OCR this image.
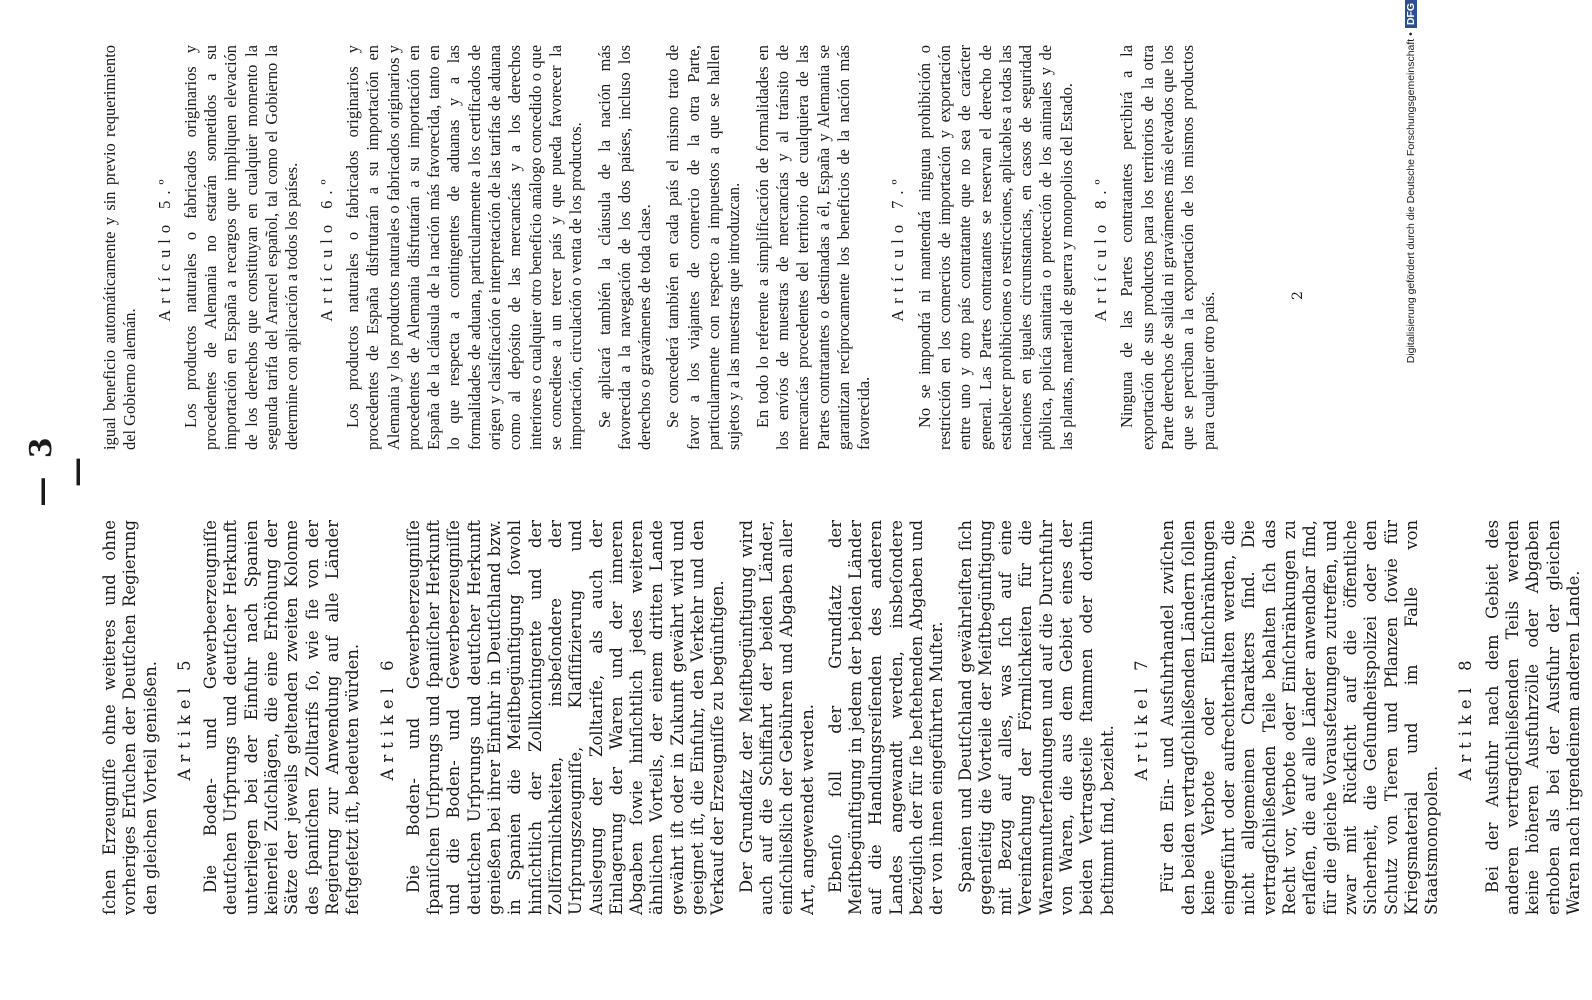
— 3 —

ſchen Erzeugniſſe ohne weiteres und ohne vorheriges Erſuchen der Deutſchen Regierung den gleichen Vorteil genießen. Artikel 5 Die Boden- und Gewerbeerzeugniſſe deutſchen Urſprungs und deutſcher Herkunft unterliegen bei der Einfuhr nach Spanien keinerlei Zuſchlägen, die eine Erhöhung der Sätze der jeweils geltenden zweiten Kolonne des ſpaniſchen Zolltarifs ſo, wie ſie von der Regierung zur Anwendung auf alle Länder feſtgeſetzt iſt, bedeuten würden. Artikel 6 Die Boden- und Gewerbeerzeugniſſe ſpaniſchen Urſprungs und ſpaniſcher Herkunft und die Boden- und Gewerbeerzeugniſſe deutſchen Urſprungs und deutſcher Herkunft genießen bei ihrer Einfuhr in Deutſchland bzw. in Spanien die Meiſtbegünſtigung ſowohl hinſichtlich der Zollkontingente und der Zollförmlichkeiten, insbeſondere der Urſprungszeugniſſe, Klaſſifizierung und Auslegung der Zolltarife, als auch der Einlagerung der Waren und der inneren Abgaben ſowie hinſichtlich jedes weiteren ähnlichen Vorteils, der einem dritten Lande gewährt iſt oder in Zukunft gewährt wird und geeignet iſt, die Einfuhr, den Verkehr und den Verkauf der Erzeugniſſe zu begünſtigen. Der Grundſatz der Meiſtbegünſtigung wird auch auf die Schiffahrt der beiden Länder, einſchließlich der Gebühren und Abgaben aller Art, angewendet werden. Ebenſo ſoll der Grundſatz der Meiſtbegünſtigung in jedem der beiden Länder auf die Handlungsreiſenden des anderen Landes angewandt werden, insbeſondere bezüglich der für ſie beſtehenden Abgaben und der von ihnen eingeführten Muſter. Spanien und Deutſchland gewährleiſten ſich gegenſeitig die Vorteile der Meiſtbegünſtigung mit Bezug auf alles, was ſich auf eine Vereinfachung der Förmlichkeiten für die Warenmuſterſendungen und auf die Durchfuhr von Waren, die aus dem Gebiet eines der beiden Vertragsteile ſtammen oder dorthin beſtimmt ſind, bezieht.

Artikel 7 Für den Ein- und Ausfuhrhandel zwiſchen den beiden vertragſchließenden Ländern ſollen keine Verbote oder Einſchränkungen eingeführt oder aufrechterhalten werden, die nicht allgemeinen Charakters ſind. Die vertragſchließenden Teile behalten ſich das Recht vor, Verbote oder Einſchränkungen zu erlaſſen, die auf alle Länder anwendbar ſind, für die gleiche Vorausſetzungen zutreffen, und zwar mit Rückſicht auf die öffentliche Sicherheit, die Geſundheitspolizei oder den Schutz von Tieren und Pflanzen ſowie für Kriegsmaterial und im Falle von Staatsmonopolen.

Artikel 8 Bei der Ausfuhr nach dem Gebiet des anderen vertragſchließenden Teils werden keine höheren Ausfuhrzölle oder Abgaben erhoben als bei der Ausfuhr der gleichen Waren nach irgendeinem anderen Lande.

igual beneficio automáticamente y sin previo requerimiento del Gobierno alemán.

Artículo 5.º Los productos naturales o fabricados originarios y procedentes de Alemania no estarán sometidos a su importación en España a recargos que impliquen elevación de los derechos que constituyan en cualquier momento la segunda tarifa del Arancel español, tal como el Gobierno la determine con aplicación a todos los países. Artículo 6.º Los productos naturales o fabricados originarios y procedentes de España disfrutarán a su importación en Alemania y los productos naturales o fabricados originarios y procedentes de Alemania disfrutarán a su importación en España de la cláusula de la nación más favorecida, tanto en lo que respecta a contingentes de aduanas y a las formalidades de aduana, particularmente a los certificados de origen y clasificación e interpretación de las tarifas de aduana como al depósito de las mercancías y a los derechos interiores o cualquier otro beneficio análogo concedido o que se concediese a un tercer país y que pueda favorecer la importación, circulación o venta de los productos. Se aplicará también la cláusula de la nación más favorecida a la navegación de los dos países, incluso los derechos o gravámenes de toda clase. Se concederá también en cada país el mismo trato de favor a los viajantes de comercio de la otra Parte, particularmente con respecto a impuestos a que se hallen sujetos y a las muestras que introduzcan. En todo lo referente a simplificación de formalidades en los envíos de muestras de mercancías y al tránsito de mercancías procedentes del territorio de cualquiera de las Partes contratantes o destinadas a él, España y Alemania se garantizan recíprocamente los beneficios de la nación más favorecida.

Artículo 7.º No se impondrá ni mantendrá ninguna prohibición o restricción en los comercios de importación y exportación entre uno y otro país contratante que no sea de carácter general. Las Partes contratantes se reservan el derecho de establecer prohibiciones o restricciones, aplicables a todas las naciones en iguales circunstancias, en casos de seguridad pública, policía sanitaria o protección de los animales y de las plantas, material de guerra y monopolios del Estado. Artículo 8.º Ninguna de las Partes contratantes percibirá a la exportación de sus productos para los territorios de la otra Parte derechos de salida ni gravámenes más elevados que los que se perciban a la exportación de los mismos productos para cualquier otro país.	2	Digitalisierung gefördert durch die Deutsche Forschungsgemeinschaft •DFG
